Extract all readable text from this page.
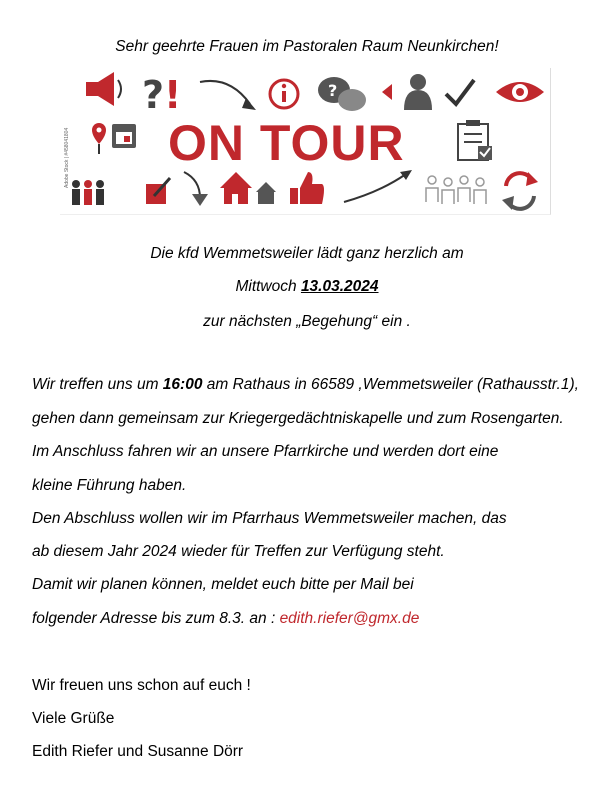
Sehr geehrte Frauen im Pastoralen Raum Neunkirchen!
? !	?
ON TOUR
Adobe Stock | #458041804
Die kfd Wemmetsweiler lädt ganz herzlich am
Mittwoch 13.03.2024
zur nächsten „Begehung“ ein .
Wir treffen uns um 16:00 am Rathaus in 66589 ,Wemmetsweiler (Rathausstr.1),
gehen dann gemeinsam zur Kriegergedächtniskapelle und zum Rosengarten.
Im Anschluss fahren wir an unsere Pfarrkirche und werden dort eine
kleine Führung haben.
Den Abschluss wollen wir im Pfarrhaus Wemmetsweiler machen, das
ab diesem Jahr 2024 wieder für Treffen zur Verfügung steht.
Damit wir planen können, meldet euch bitte per Mail bei
folgender Adresse bis zum 8.3. an : edith.riefer@gmx.de
Wir freuen uns schon auf euch !
Viele Grüße
Edith Riefer und Susanne Dörr
